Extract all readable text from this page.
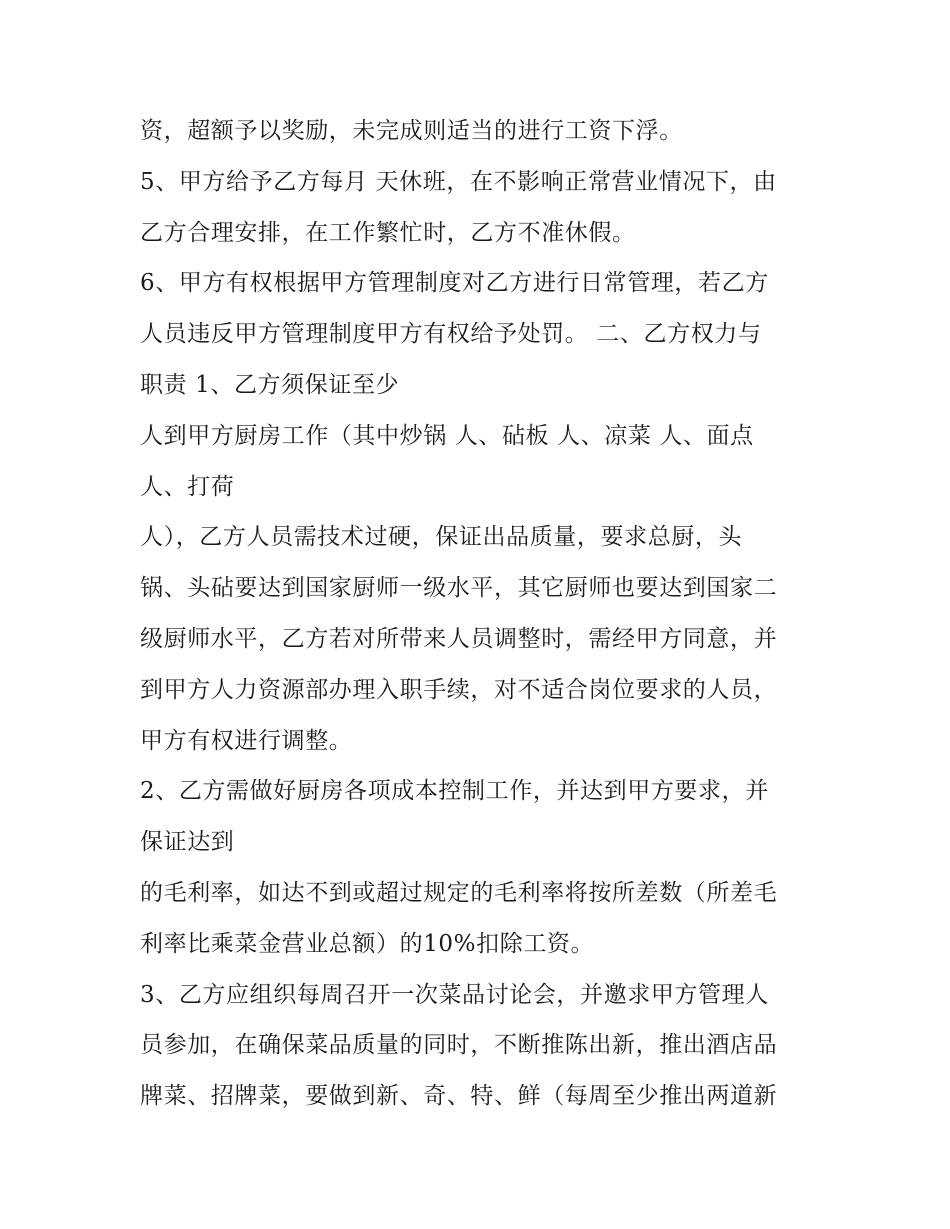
资，超额予以奖励，未完成则适当的进行工资下浮。
5、甲方给予乙方每月 天休班，在不影响正常营业情况下，由
乙方合理安排，在工作繁忙时，乙方不准休假。
6、甲方有权根据甲方管理制度对乙方进行日常管理，若乙方
人员违反甲方管理制度甲方有权给予处罚。 二、乙方权力与
职责 1、乙方须保证至少
人到甲方厨房工作（其中炒锅 人、砧板 人、凉菜 人、面点
人、打荷
人），乙方人员需技术过硬，保证出品质量，要求总厨，头
锅、头砧要达到国家厨师一级水平，其它厨师也要达到国家二
级厨师水平，乙方若对所带来人员调整时，需经甲方同意，并
到甲方人力资源部办理入职手续，对不适合岗位要求的人员，
甲方有权进行调整。
2、乙方需做好厨房各项成本控制工作，并达到甲方要求，并
保证达到
的毛利率，如达不到或超过规定的毛利率将按所差数（所差毛
利率比乘菜金营业总额）的10%扣除工资。
3、乙方应组织每周召开一次菜品讨论会，并邀求甲方管理人
员参加，在确保菜品质量的同时，不断推陈出新，推出酒店品
牌菜、招牌菜，要做到新、奇、特、鲜（每周至少推出两道新
